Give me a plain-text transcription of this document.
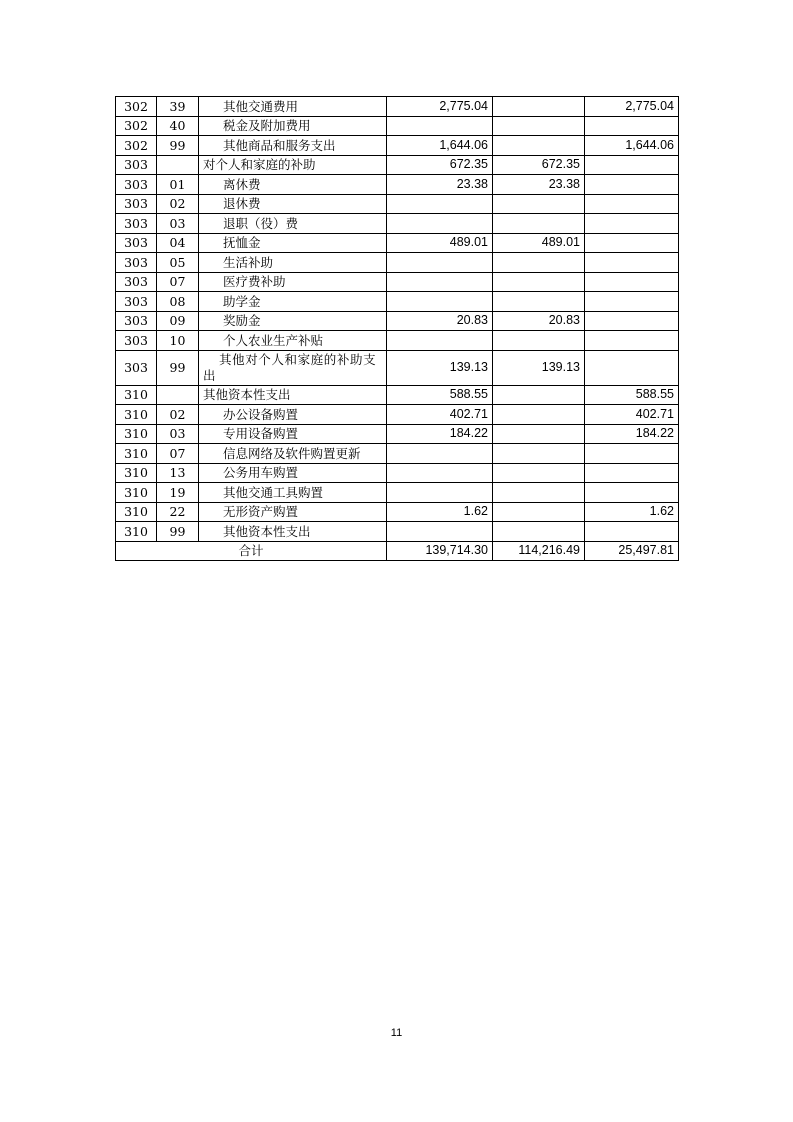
302	39	其他交通费用	2,775.04		2,775.04
302	40	税金及附加费用			
302	99	其他商品和服务支出	1,644.06		1,644.06
303		对个人和家庭的补助	672.35	672.35	
303	01	离休费	23.38	23.38	
303	02	退休费			
303	03	退职（役）费			
303	04	抚恤金	489.01	489.01	
303	05	生活补助			
303	07	医疗费补助			
303	08	助学金			
303	09	奖励金	20.83	20.83	
303	10	个人农业生产补贴			
303	99	其他对个人和家庭的补助支出	139.13	139.13	
310		其他资本性支出	588.55		588.55
310	02	办公设备购置	402.71		402.71
310	03	专用设备购置	184.22		184.22
310	07	信息网络及软件购置更新			
310	13	公务用车购置			
310	19	其他交通工具购置			
310	22	无形资产购置	1.62		1.62
310	99	其他资本性支出			
合计			139,714.30	114,216.49	25,497.81
11
